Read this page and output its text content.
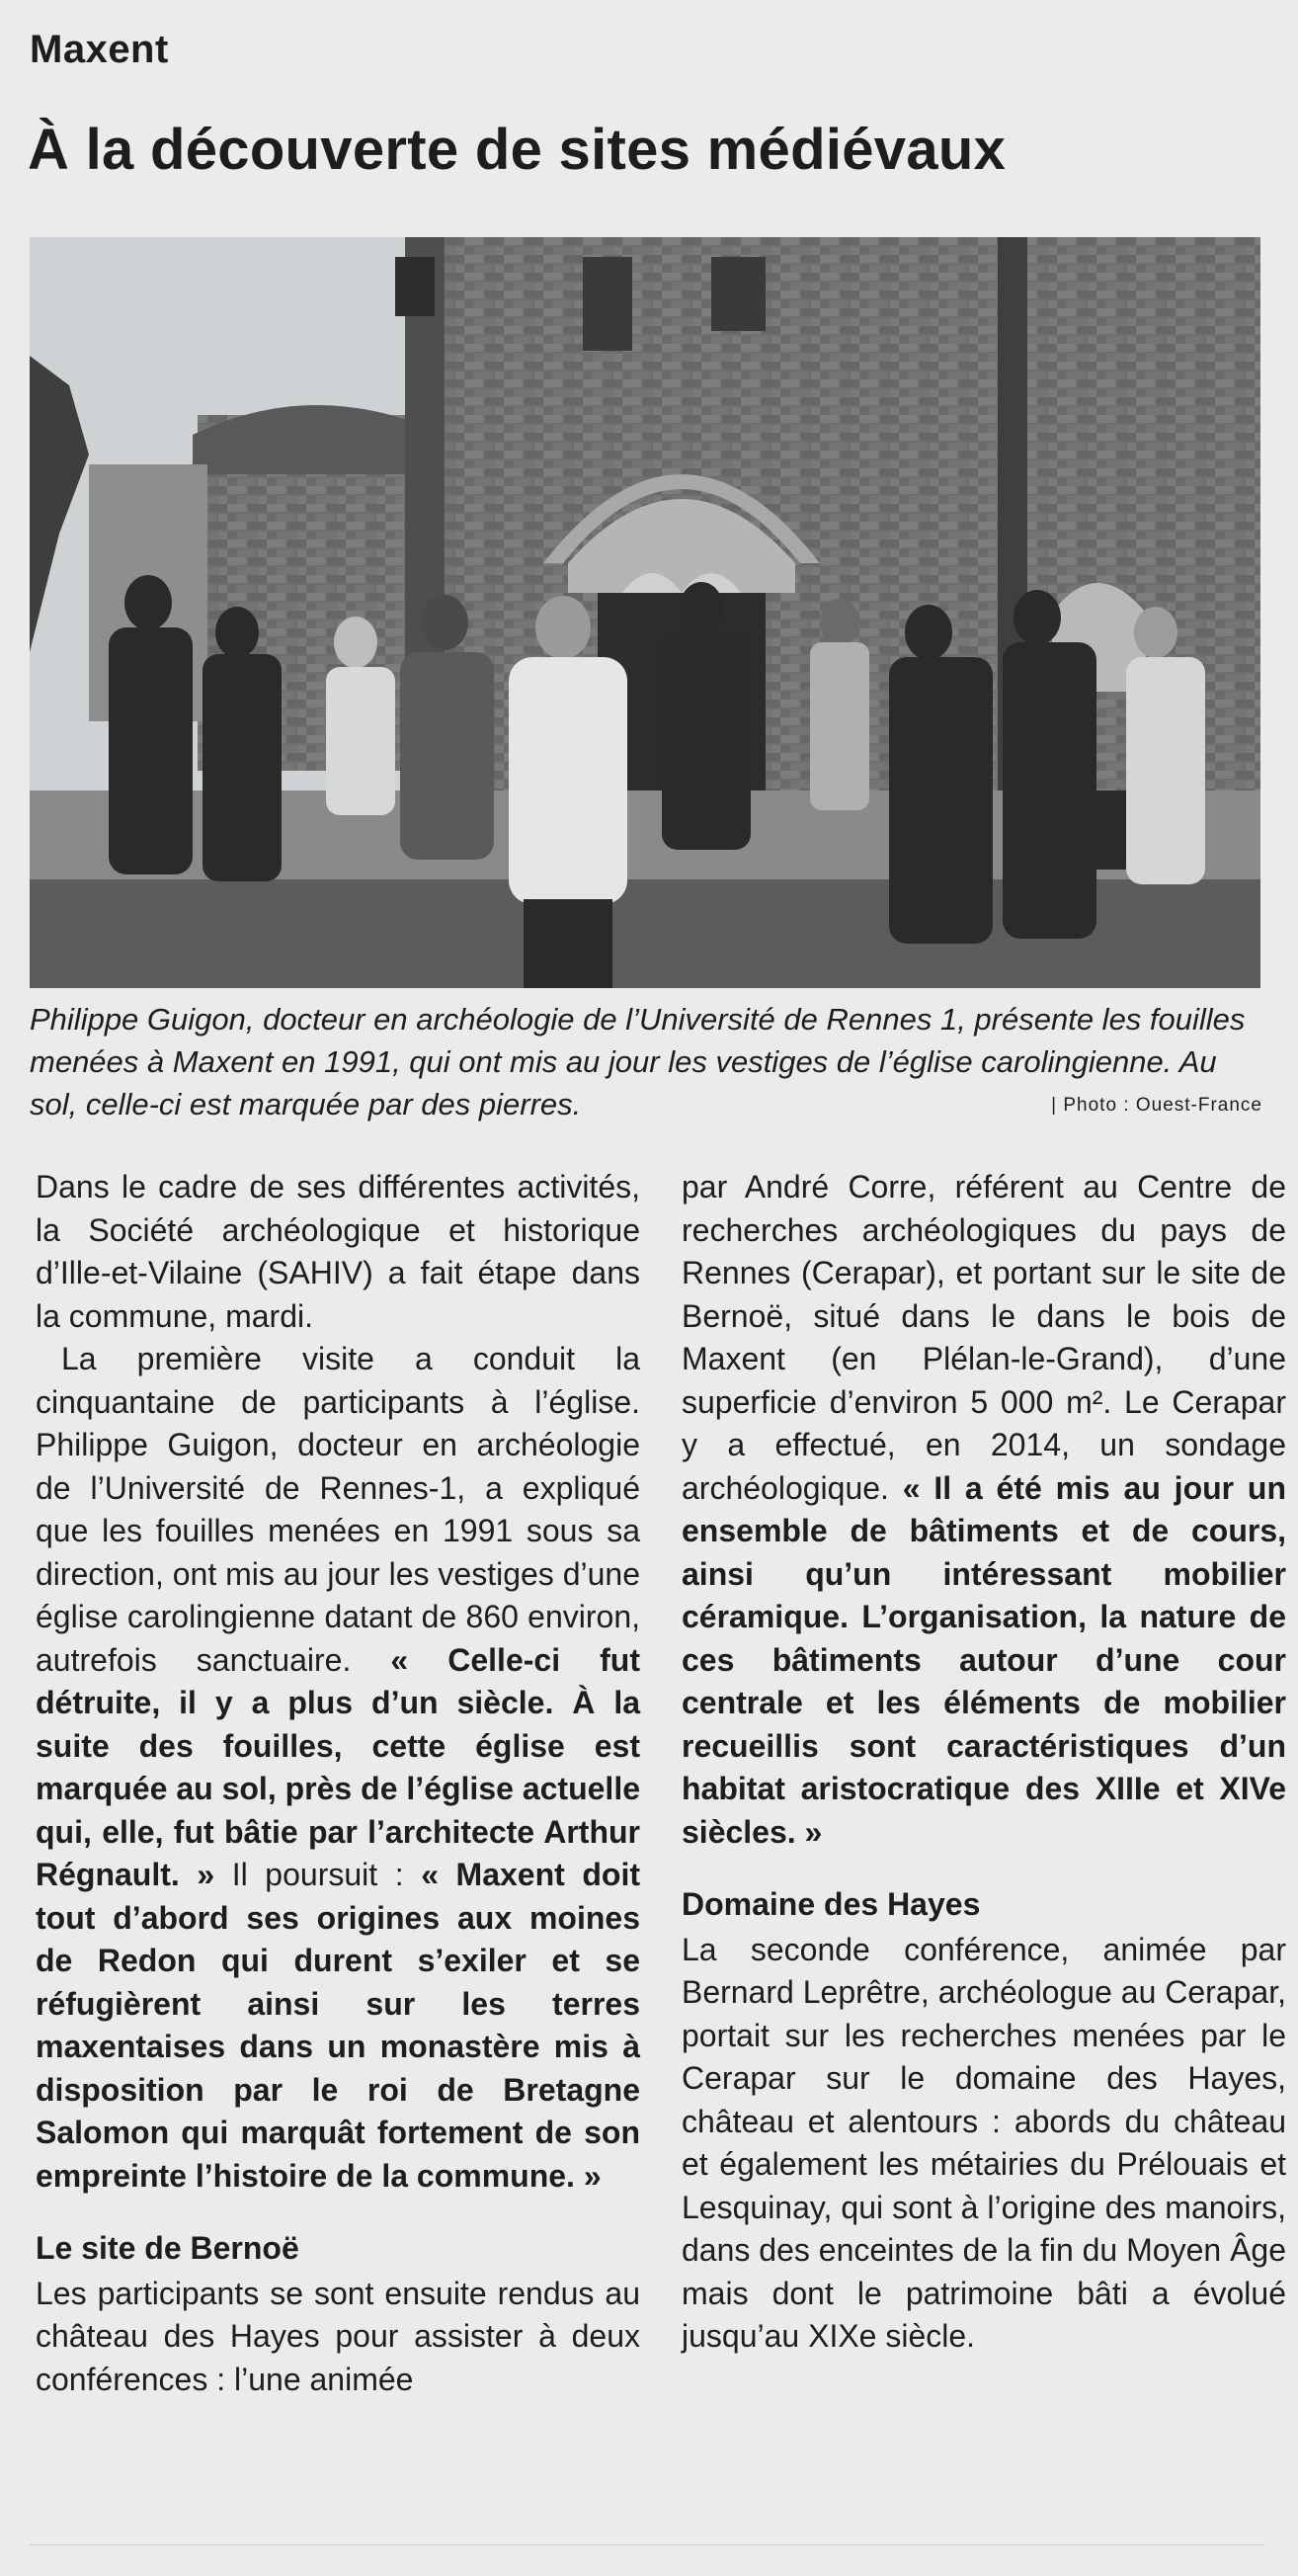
Maxent
À la découverte de sites médiévaux
Philippe Guigon, docteur en archéologie de l’Université de Rennes 1, présente les fouilles menées à Maxent en 1991, qui ont mis au jour les vestiges de l’église carolingienne. Au sol, celle-ci est marquée par des pierres.	| Photo : Ouest-France

Dans le cadre de ses différentes activités, la Société archéologique et historique d’Ille-et-Vilaine (SAHIV) a fait étape dans la commune, mardi.

La première visite a conduit la cinquantaine de participants à l’église. Philippe Guigon, docteur en archéologie de l’Université de Rennes-1, a expliqué que les fouilles menées en 1991 sous sa direction, ont mis au jour les vestiges d’une église carolingienne datant de 860 environ, autrefois sanctuaire. « Celle-ci fut détruite, il y a plus d’un siècle. À la suite des fouilles, cette église est marquée au sol, près de l’église actuelle qui, elle, fut bâtie par l’architecte Arthur Régnault. » Il poursuit : « Maxent doit tout d’abord ses origines aux moines de Redon qui durent s’exiler et se réfugièrent ainsi sur les terres maxentaises dans un monastère mis à disposition par le roi de Bretagne Salomon qui marquât fortement de son empreinte l’histoire de la commune. »

Le site de Bernoë

Les participants se sont ensuite rendus au château des Hayes pour assister à deux conférences : l’une animée

par André Corre, référent au Centre de recherches archéologiques du pays de Rennes (Cerapar), et portant sur le site de Bernoë, situé dans le dans le bois de Maxent (en Plélan-le-Grand), d’une superficie d’environ 5 000 m². Le Cerapar y a effectué, en 2014, un sondage archéologique. « Il a été mis au jour un ensemble de bâtiments et de cours, ainsi qu’un intéressant mobilier céramique. L’organisation, la nature de ces bâtiments autour d’une cour centrale et les éléments de mobilier recueillis sont caractéristiques d’un habitat aristocratique des XIIIe et XIVe siècles. »

Domaine des Hayes

La seconde conférence, animée par Bernard Leprêtre, archéologue au Cerapar, portait sur les recherches menées par le Cerapar sur le domaine des Hayes, château et alentours : abords du château et également les métairies du Prélouais et Lesquinay, qui sont à l’origine des manoirs, dans des enceintes de la fin du Moyen Âge mais dont le patrimoine bâti a évolué jusqu’au XIXe siècle.
